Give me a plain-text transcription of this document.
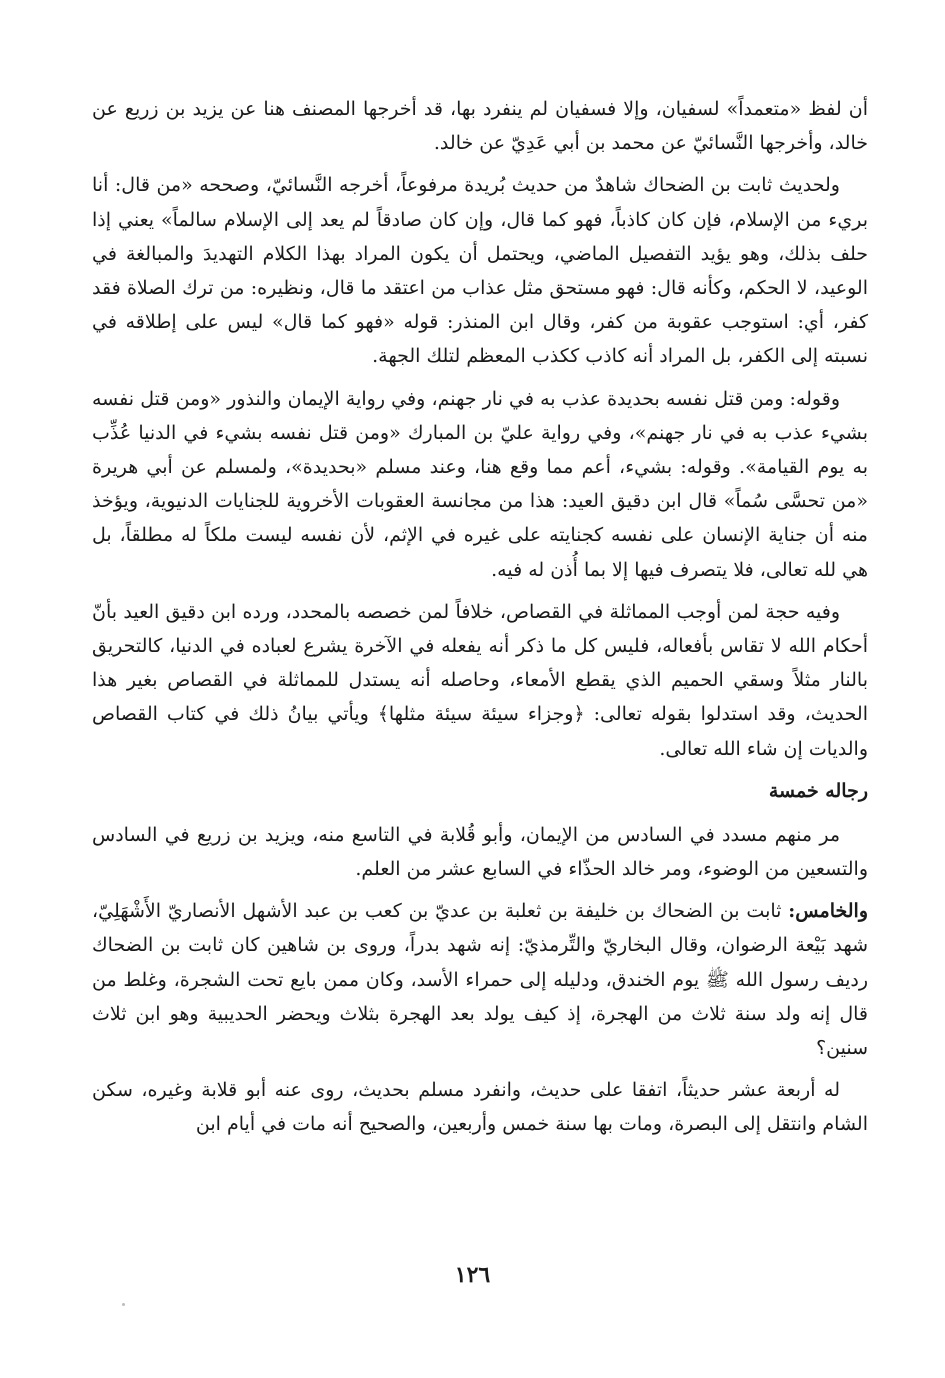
أن لفظ «متعمداً» لسفيان، وإلا فسفيان لم ينفرد بها، قد أخرجها المصنف هنا عن يزيد بن زريع عن خالد، وأخرجها النَّسائيّ عن محمد بن أبي عَدِيّ عن خالد.

ولحديث ثابت بن الضحاك شاهدٌ من حديث بُريدة مرفوعاً، أخرجه النَّسائيّ، وصححه «من قال: أنا بريء من الإسلام، فإن كان كاذباً، فهو كما قال، وإن كان صادقاً لم يعد إلى الإسلام سالماً» يعني إذا حلف بذلك، وهو يؤيد التفصيل الماضي، ويحتمل أن يكون المراد بهذا الكلام التهديدَ والمبالغة في الوعيد، لا الحكم، وكأنه قال: فهو مستحق مثل عذاب من اعتقد ما قال، ونظيره: من ترك الصلاة فقد كفر، أي: استوجب عقوبة من كفر، وقال ابن المنذر: قوله «فهو كما قال» ليس على إطلاقه في نسبته إلى الكفر، بل المراد أنه كاذب ككذب المعظم لتلك الجهة.

وقوله: ومن قتل نفسه بحديدة عذب به في نار جهنم، وفي رواية الإيمان والنذور «ومن قتل نفسه بشيء عذب به في نار جهنم»، وفي رواية عليّ بن المبارك «ومن قتل نفسه بشيء في الدنيا عُذِّب به يوم القيامة». وقوله: بشيء، أعم مما وقع هنا، وعند مسلم «بحديدة»، ولمسلم عن أبي هريرة «من تحسَّى سُماً» قال ابن دقيق العيد: هذا من مجانسة العقوبات الأخروية للجنايات الدنيوية، ويؤخذ منه أن جناية الإنسان على نفسه كجنايته على غيره في الإثم، لأن نفسه ليست ملكاً له مطلقاً، بل هي لله تعالى، فلا يتصرف فيها إلا بما أُذن له فيه.

وفيه حجة لمن أوجب المماثلة في القصاص، خلافاً لمن خصصه بالمحدد، ورده ابن دقيق العيد بأنّ أحكام الله لا تقاس بأفعاله، فليس كل ما ذكر أنه يفعله في الآخرة يشرع لعباده في الدنيا، كالتحريق بالنار مثلاً وسقي الحميم الذي يقطع الأمعاء، وحاصله أنه يستدل للمماثلة في القصاص بغير هذا الحديث، وقد استدلوا بقوله تعالى: ﴿وجزاء سيئة سيئة مثلها﴾ ويأتي بيانُ ذلك في كتاب القصاص والديات إن شاء الله تعالى.

رجاله خمسة

مر منهم مسدد في السادس من الإيمان، وأبو قُلابة في التاسع منه، ويزيد بن زريع في السادس والتسعين من الوضوء، ومر خالد الحذّاء في السابع عشر من العلم.

والخامس: ثابت بن الضحاك بن خليفة بن ثعلبة بن عديّ بن كعب بن عبد الأشهل الأنصاريّ الأَشْهَلِيّ، شهد بَيْعة الرضوان، وقال البخاريّ والتِّرمذيّ: إنه شهد بدراً، وروى بن شاهين كان ثابت بن الضحاك رديف رسول الله ﷺ يوم الخندق، ودليله إلى حمراء الأسد، وكان ممن بايع تحت الشجرة، وغلط من قال إنه ولد سنة ثلاث من الهجرة، إذ كيف يولد بعد الهجرة بثلاث ويحضر الحديبية وهو ابن ثلاث سنين؟

له أربعة عشر حديثاً، اتفقا على حديث، وانفرد مسلم بحديث، روى عنه أبو قلابة وغيره، سكن الشام وانتقل إلى البصرة، ومات بها سنة خمس وأربعين، والصحيح أنه مات في أيام ابن

١٢٦
